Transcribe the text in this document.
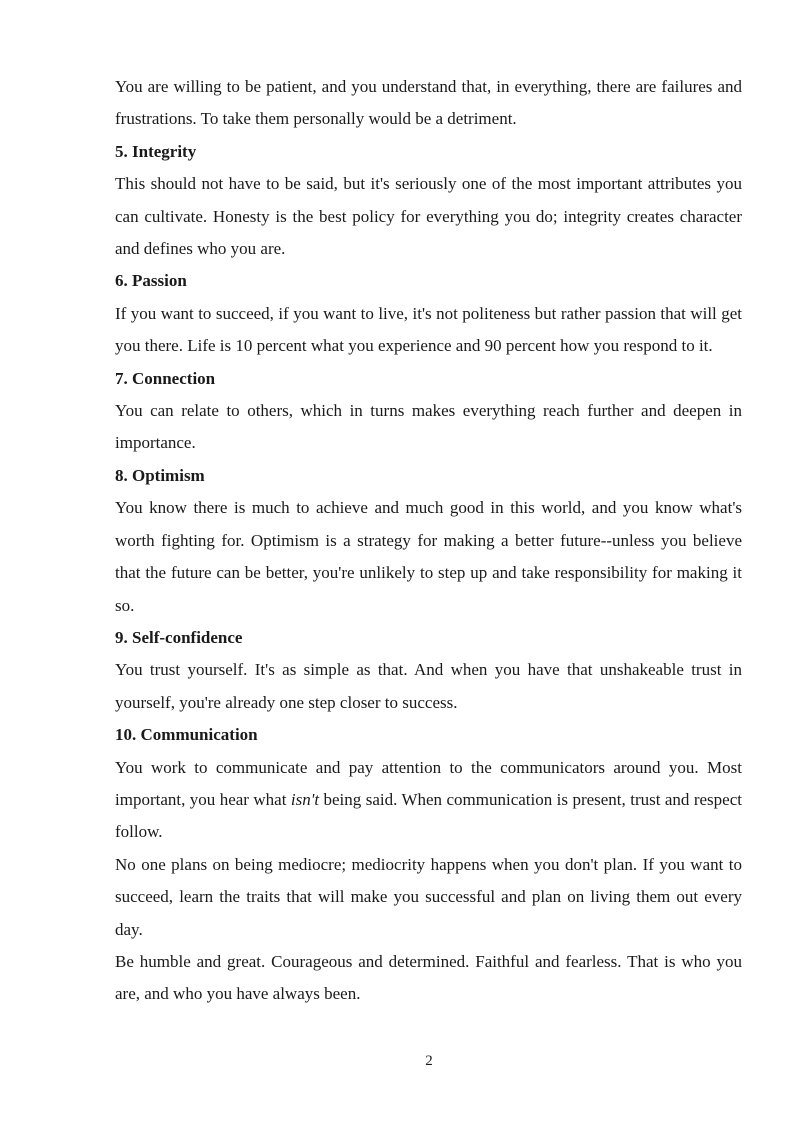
You are willing to be patient, and you understand that, in everything, there are failures and frustrations. To take them personally would be a detriment.

5. Integrity

This should not have to be said, but it's seriously one of the most important attributes you can cultivate. Honesty is the best policy for everything you do; integrity creates character and defines who you are.

6. Passion

If you want to succeed, if you want to live, it's not politeness but rather passion that will get you there. Life is 10 percent what you experience and 90 percent how you respond to it.

7. Connection

You can relate to others, which in turns makes everything reach further and deepen in importance.

8. Optimism

You know there is much to achieve and much good in this world, and you know what's worth fighting for. Optimism is a strategy for making a better future--unless you believe that the future can be better, you're unlikely to step up and take responsibility for making it so.

9. Self-confidence

You trust yourself. It's as simple as that. And when you have that unshakeable trust in yourself, you're already one step closer to success.

10. Communication

You work to communicate and pay attention to the communicators around you. Most important, you hear what isn't being said. When communication is present, trust and respect follow.

No one plans on being mediocre; mediocrity happens when you don't plan. If you want to succeed, learn the traits that will make you successful and plan on living them out every day.

Be humble and great. Courageous and determined. Faithful and fearless. That is who you are, and who you have always been.

2
